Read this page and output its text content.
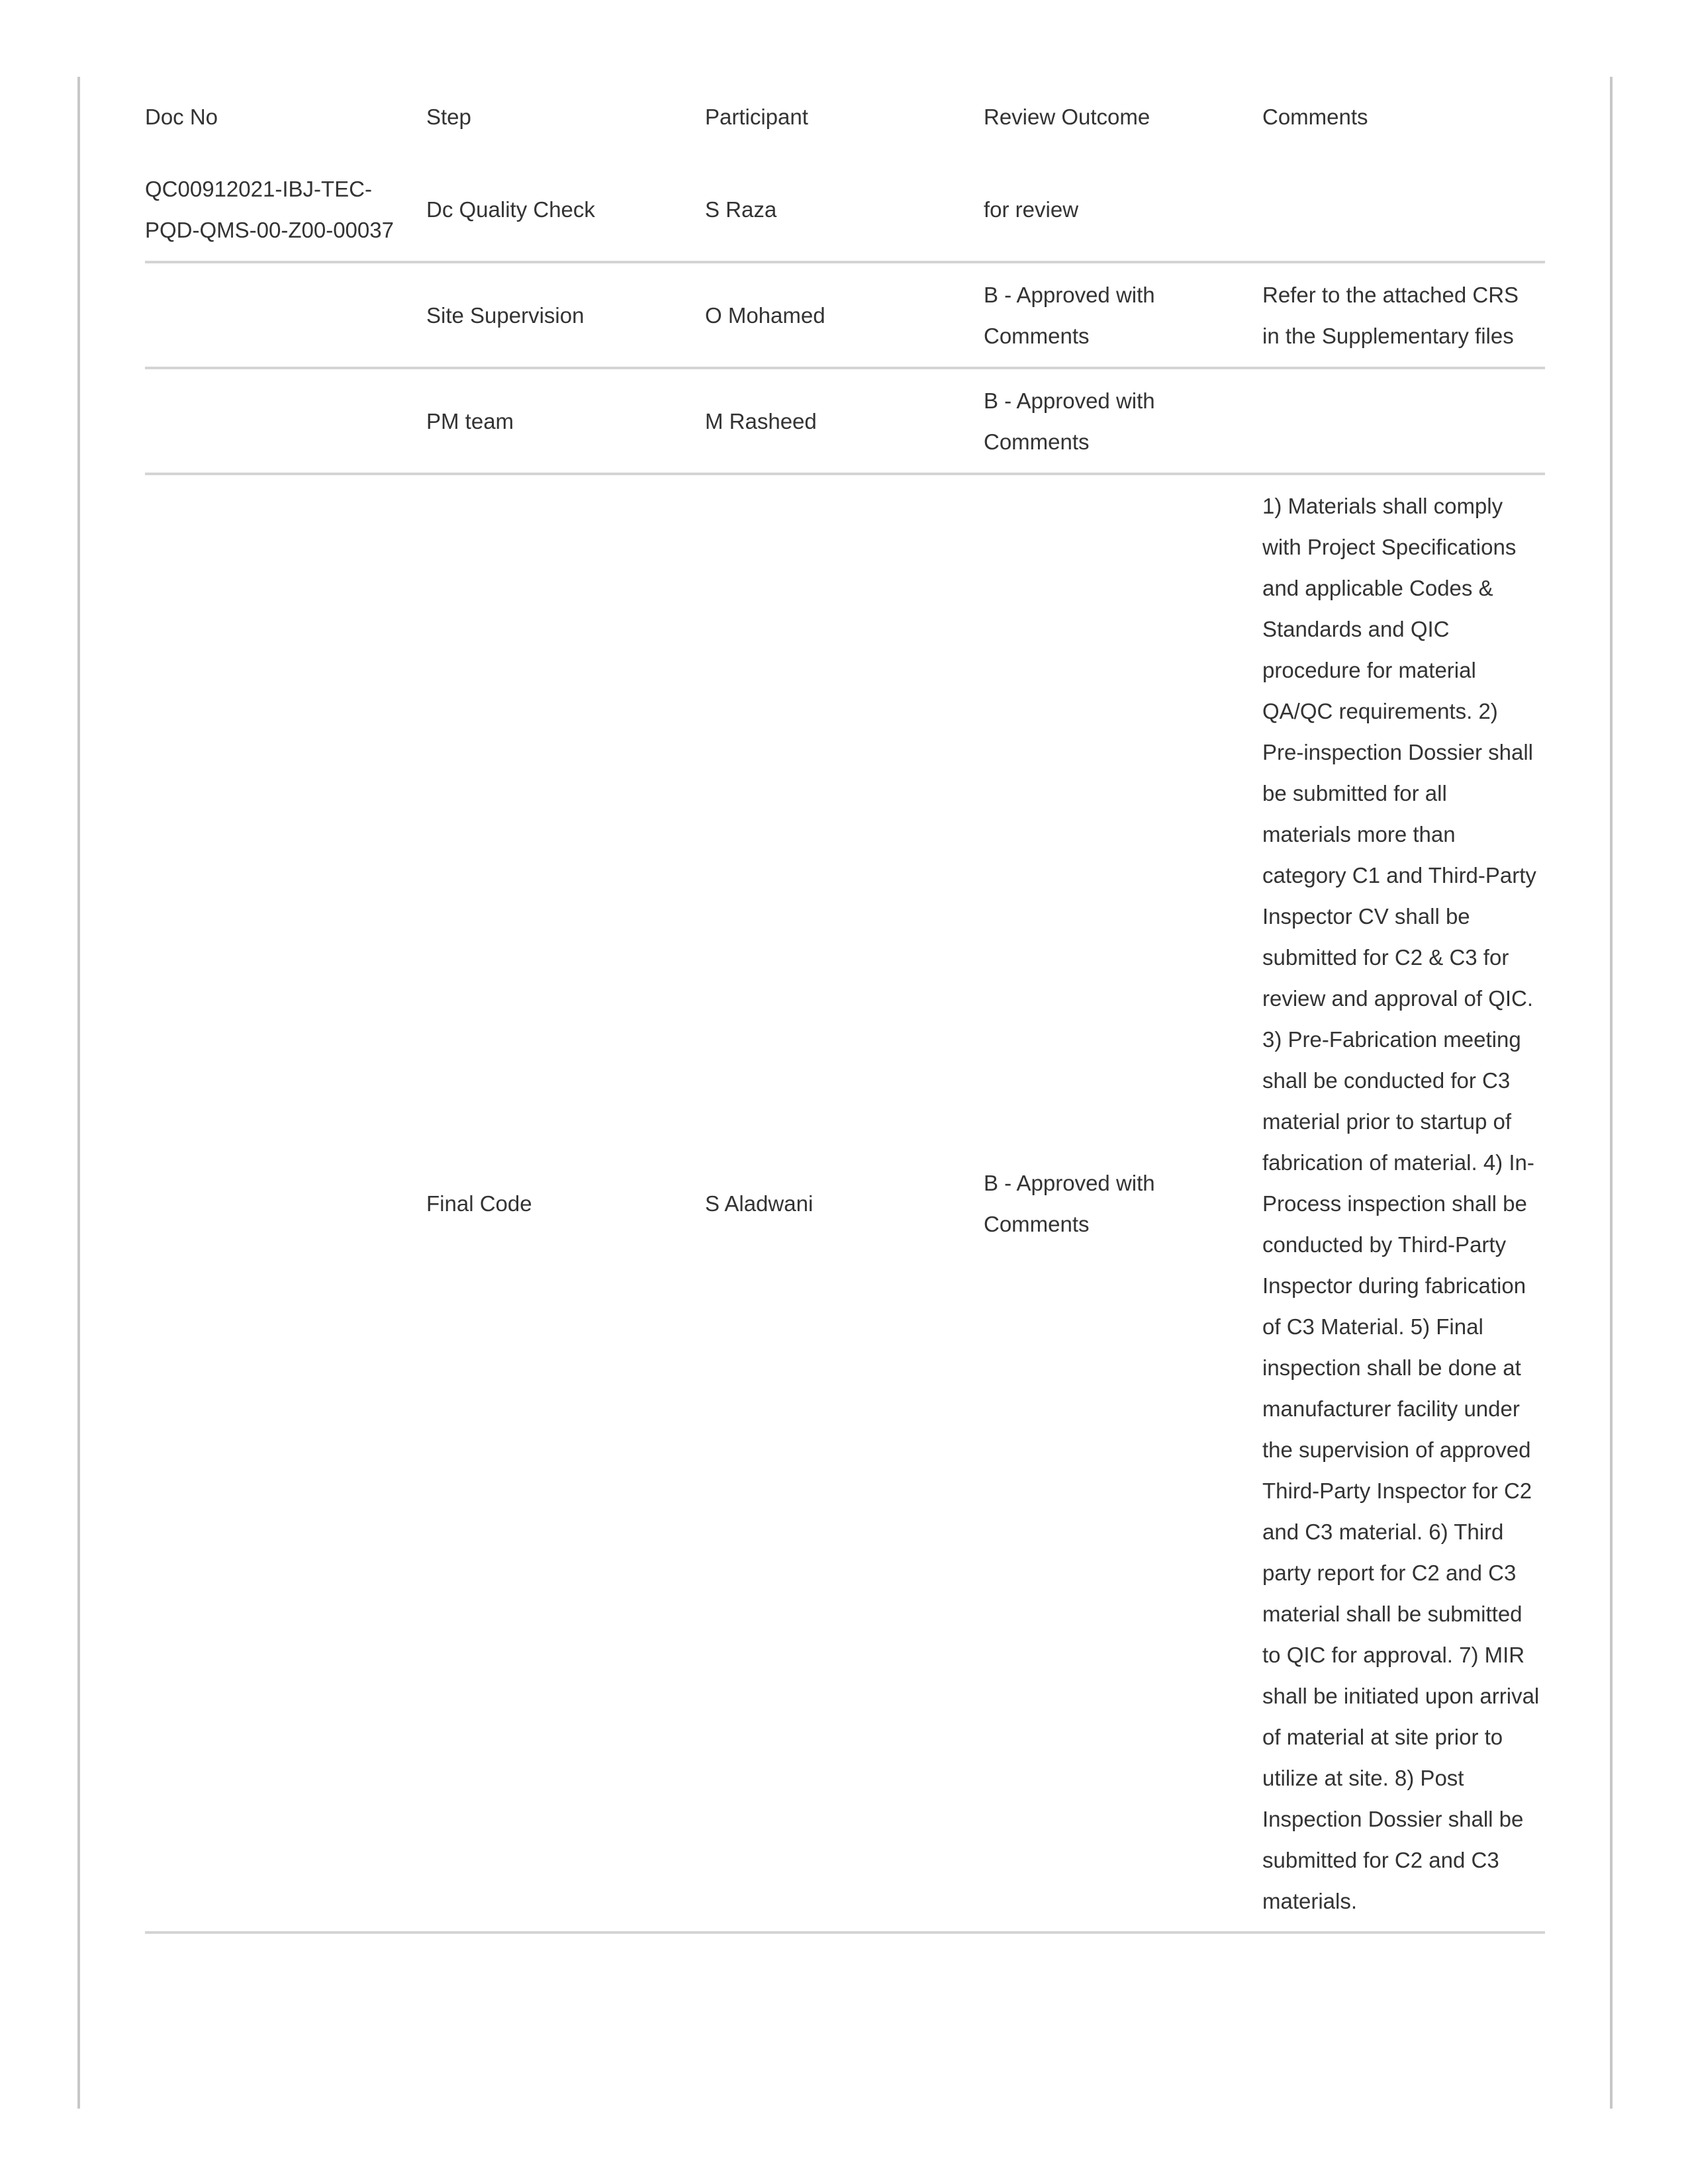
Doc No	Step	Participant	Review Outcome	Comments
QC00912021-IBJ-TEC-PQD-QMS-00-Z00-00037	Dc Quality Check	S Raza	for review	
	Site Supervision	O Mohamed	B - Approved with Comments	Refer to the attached CRS in the Supplementary files
	PM team	M Rasheed	B - Approved with Comments	
	Final Code	S Aladwani	B - Approved with Comments	1) Materials shall comply with Project Specifications and applicable Codes & Standards and QIC procedure for material QA/QC requirements. 2) Pre-inspection Dossier shall be submitted for all materials more than category C1 and Third-Party Inspector CV shall be submitted for C2 & C3 for review and approval of QIC. 3) Pre-Fabrication meeting shall be conducted for C3 material prior to startup of fabrication of material. 4) In-Process inspection shall be conducted by Third-Party Inspector during fabrication of C3 Material. 5) Final inspection shall be done at manufacturer facility under the supervision of approved Third-Party Inspector for C2 and C3 material. 6) Third party report for C2 and C3 material shall be submitted to QIC for approval. 7) MIR shall be initiated upon arrival of material at site prior to utilize at site. 8) Post Inspection Dossier shall be submitted for C2 and C3 materials.
